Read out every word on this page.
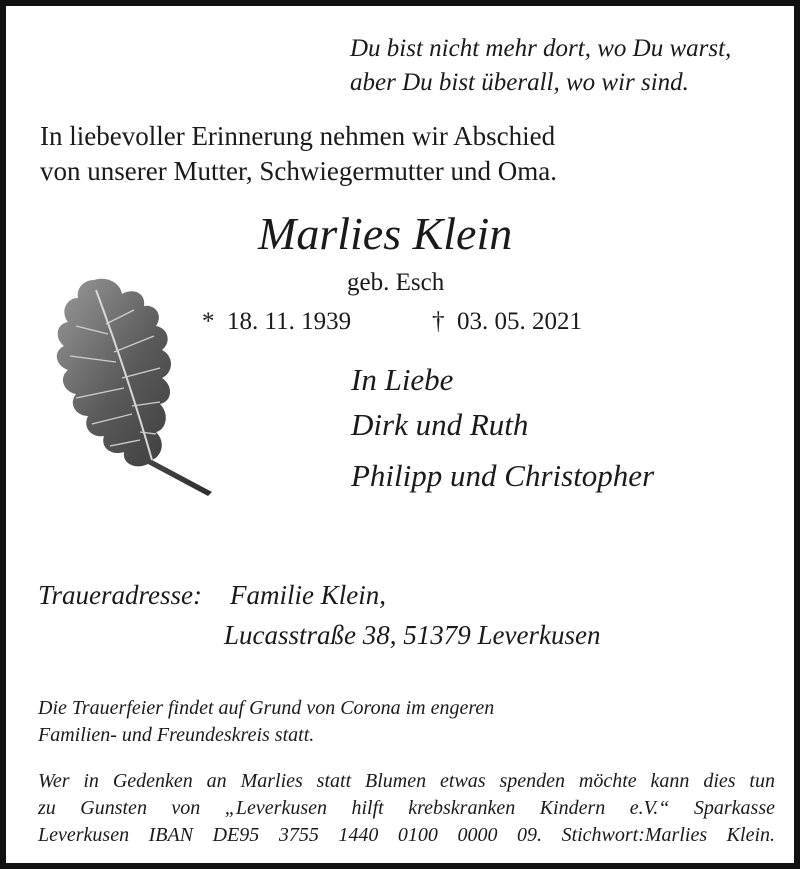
Du bist nicht mehr dort, wo Du warst,
aber Du bist überall, wo wir sind.
In liebevoller Erinnerung nehmen wir Abschied
von unserer Mutter, Schwiegermutter und Oma.
Marlies Klein
geb. Esch
* 18. 11. 1939	† 03. 05. 2021
In Liebe
Dirk und Ruth
Philipp und Christopher
Traueradresse: Familie Klein,
Lucasstraße 38, 51379 Leverkusen
Die Trauerfeier findet auf Grund von Corona im engeren
Familien- und Freundeskreis statt.
Wer in Gedenken an Marlies statt Blumen etwas spenden möchte kann dies tun
zu Gunsten von „Leverkusen hilft krebskranken Kindern e.V.“ Sparkasse
Leverkusen IBAN DE95 3755 1440 0100 0000 09. Stichwort:Marlies Klein.
